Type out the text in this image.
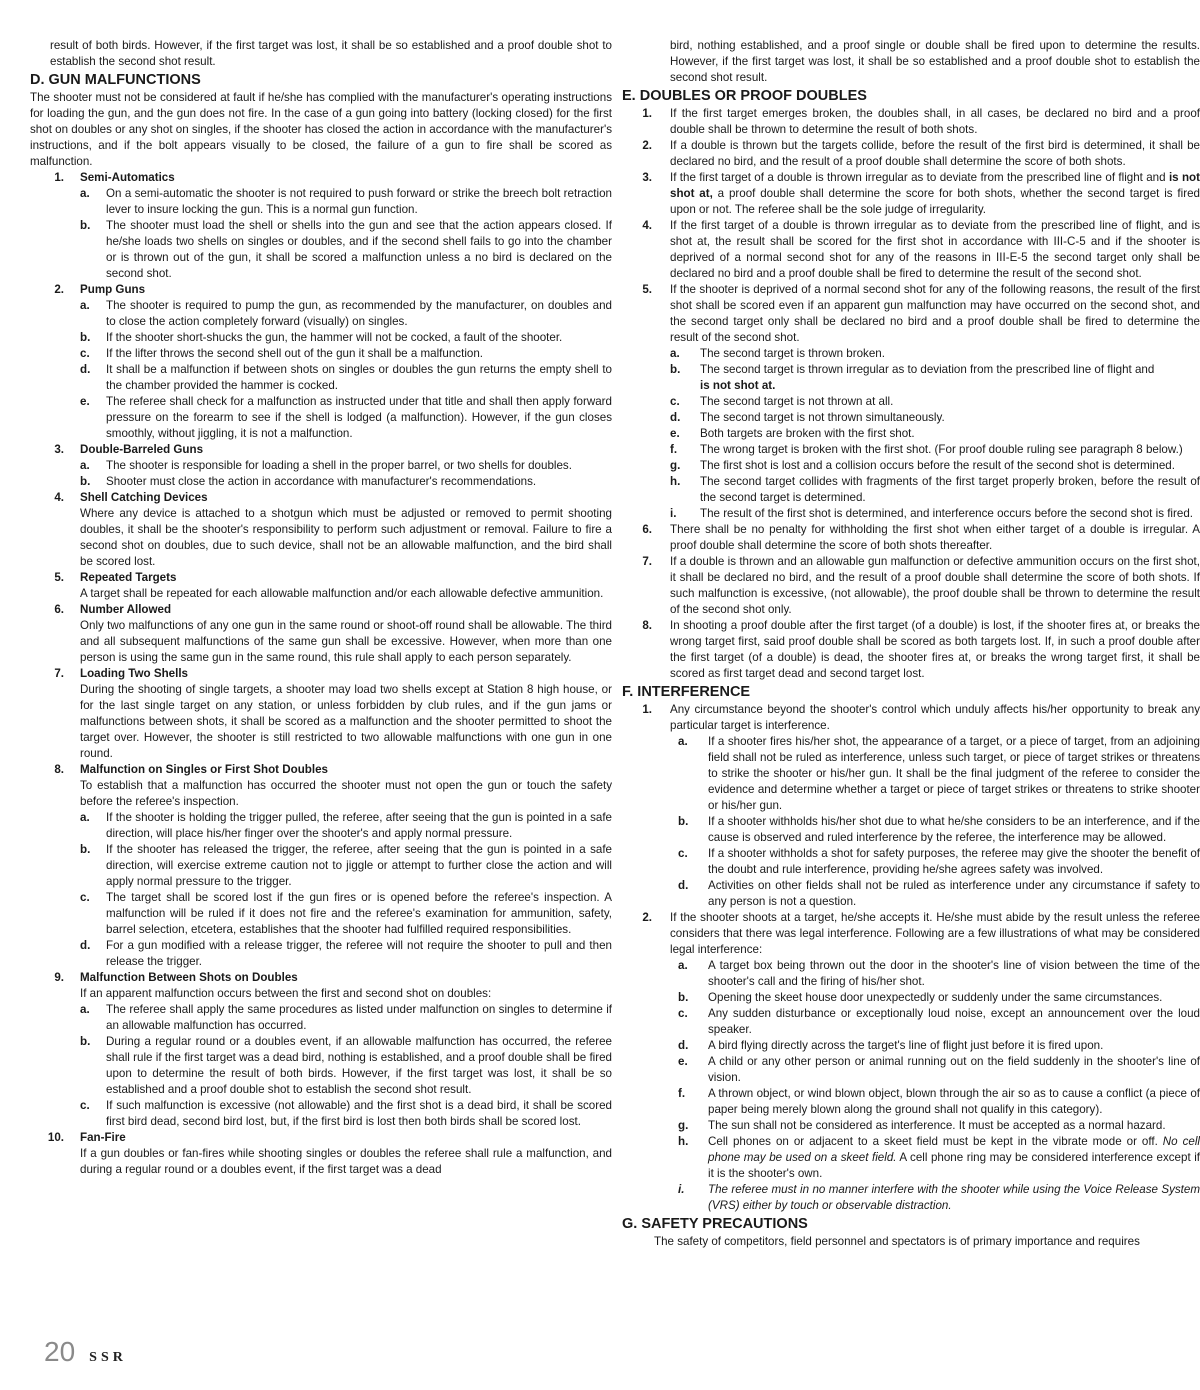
result of both birds. However, if the first target was lost, it shall be so established and a proof double shot to establish the second shot result.

D. GUN MALFUNCTIONS

The shooter must not be considered at fault if he/she has complied with the manufacturer's operating instructions for loading the gun, and the gun does not fire. In the case of a gun going into battery (locking closed) for the first shot on doubles or any shot on singles, if the shooter has closed the action in accordance with the manufacturer's instructions, and if the bolt appears visually to be closed, the failure of a gun to fire shall be scored as malfunction.

1.	Semi-Automatics
a.	On a semi-automatic the shooter is not required to push forward or strike the breech bolt retraction lever to insure locking the gun. This is a normal gun function.
b.	The shooter must load the shell or shells into the gun and see that the action appears closed. If he/she loads two shells on singles or doubles, and if the second shell fails to go into the chamber or is thrown out of the gun, it shall be scored a malfunction unless a no bird is declared on the second shot.
2.	Pump Guns
a.	The shooter is required to pump the gun, as recommended by the manufacturer, on doubles and to close the action completely forward (visually) on singles.
b.	If the shooter short-shucks the gun, the hammer will not be cocked, a fault of the shooter.
c.	If the lifter throws the second shell out of the gun it shall be a malfunction.
d.	It shall be a malfunction if between shots on singles or doubles the gun returns the empty shell to the chamber provided the hammer is cocked.
e.	The referee shall check for a malfunction as instructed under that title and shall then apply forward pressure on the forearm to see if the shell is lodged (a malfunction). However, if the gun closes smoothly, without jiggling, it is not a malfunction.
3.	Double-Barreled Guns
a.	The shooter is responsible for loading a shell in the proper barrel, or two shells for doubles.
b.	Shooter must close the action in accordance with manufacturer's recommendations.
4.	Shell Catching Devices
Where any device is attached to a shotgun which must be adjusted or removed to permit shooting doubles, it shall be the shooter's responsibility to perform such adjustment or removal. Failure to fire a second shot on doubles, due to such device, shall not be an allowable malfunction, and the bird shall be scored lost.
5.	Repeated Targets
A target shall be repeated for each allowable malfunction and/or each allowable defective ammunition.
6.	Number Allowed
Only two malfunctions of any one gun in the same round or shoot-off round shall be allowable. The third and all subsequent malfunctions of the same gun shall be excessive. However, when more than one person is using the same gun in the same round, this rule shall apply to each person separately.
7.	Loading Two Shells
During the shooting of single targets, a shooter may load two shells except at Station 8 high house, or for the last single target on any station, or unless forbidden by club rules, and if the gun jams or malfunctions between shots, it shall be scored as a malfunction and the shooter permitted to shoot the target over. However, the shooter is still restricted to two allowable malfunctions with one gun in one round.
8.	Malfunction on Singles or First Shot Doubles
To establish that a malfunction has occurred the shooter must not open the gun or touch the safety before the referee's inspection.
a.	If the shooter is holding the trigger pulled, the referee, after seeing that the gun is pointed in a safe direction, will place his/her finger over the shooter's and apply normal pressure.
b.	If the shooter has released the trigger, the referee, after seeing that the gun is pointed in a safe direction, will exercise extreme caution not to jiggle or attempt to further close the action and will apply normal pressure to the trigger.
c.	The target shall be scored lost if the gun fires or is opened before the referee's inspection. A malfunction will be ruled if it does not fire and the referee's examination for ammunition, safety, barrel selection, etcetera, establishes that the shooter had fulfilled required responsibilities.
d.	For a gun modified with a release trigger, the referee will not require the shooter to pull and then release the trigger.
9.	Malfunction Between Shots on Doubles
If an apparent malfunction occurs between the first and second shot on doubles:
a.	The referee shall apply the same procedures as listed under malfunction on singles to determine if an allowable malfunction has occurred.
b.	During a regular round or a doubles event, if an allowable malfunction has occurred, the referee shall rule if the first target was a dead bird, nothing is established, and a proof double shall be fired upon to determine the result of both birds. However, if the first target was lost, it shall be so established and a proof double shot to establish the second shot result.
c.	If such malfunction is excessive (not allowable) and the first shot is a dead bird, it shall be scored first bird dead, second bird lost, but, if the first bird is lost then both birds shall be scored lost.
10.	Fan-Fire
If a gun doubles or fan-fires while shooting singles or doubles the referee shall rule a malfunction, and during a regular round or a doubles event, if the first target was a dead

bird, nothing established, and a proof single or double shall be fired upon to determine the results. However, if the first target was lost, it shall be so established and a proof double shot to establish the second shot result.

E. DOUBLES OR PROOF DOUBLES
1.	If the first target emerges broken, the doubles shall, in all cases, be declared no bird and a proof double shall be thrown to determine the result of both shots.
2.	If a double is thrown but the targets collide, before the result of the first bird is determined, it shall be declared no bird, and the result of a proof double shall determine the score of both shots.
3.	If the first target of a double is thrown irregular as to deviate from the prescribed line of flight and is not shot at, a proof double shall determine the score for both shots, whether the second target is fired upon or not. The referee shall be the sole judge of irregularity.
4.	If the first target of a double is thrown irregular as to deviate from the prescribed line of flight, and is shot at, the result shall be scored for the first shot in accordance with III-C-5 and if the shooter is deprived of a normal second shot for any of the reasons in III-E-5 the second target only shall be declared no bird and a proof double shall be fired to determine the result of the second shot.
5.	If the shooter is deprived of a normal second shot for any of the following reasons, the result of the first shot shall be scored even if an apparent gun malfunction may have occurred on the second shot, and the second target only shall be declared no bird and a proof double shall be fired to determine the result of the second shot.
a.	The second target is thrown broken.
b.	The second target is thrown irregular as to deviation from the prescribed line of flight and
is not shot at.
c.	The second target is not thrown at all.
d.	The second target is not thrown simultaneously.
e.	Both targets are broken with the first shot.
f.	The wrong target is broken with the first shot. (For proof double ruling see paragraph 8 below.)
g.	The first shot is lost and a collision occurs before the result of the second shot is determined.
h.	The second target collides with fragments of the first target properly broken, before the result of the second target is determined.
i.	The result of the first shot is determined, and interference occurs before the second shot is fired.
6.	There shall be no penalty for withholding the first shot when either target of a double is irregular. A proof double shall determine the score of both shots thereafter.
7.	If a double is thrown and an allowable gun malfunction or defective ammunition occurs on the first shot, it shall be declared no bird, and the result of a proof double shall determine the score of both shots. If such malfunction is excessive, (not allowable), the proof double shall be thrown to determine the result of the second shot only.
8.	In shooting a proof double after the first target (of a double) is lost, if the shooter fires at, or breaks the wrong target first, said proof double shall be scored as both targets lost. If, in such a proof double after the first target (of a double) is dead, the shooter fires at, or breaks the wrong target first, it shall be scored as first target dead and second target lost.
F. INTERFERENCE
1.	Any circumstance beyond the shooter's control which unduly affects his/her opportunity to break any particular target is interference.
a.	If a shooter fires his/her shot, the appearance of a target, or a piece of target, from an adjoining field shall not be ruled as interference, unless such target, or piece of target strikes or threatens to strike the shooter or his/her gun. It shall be the final judgment of the referee to consider the evidence and determine whether a target or piece of target strikes or threatens to strike shooter or his/her gun.
b.	If a shooter withholds his/her shot due to what he/she considers to be an interference, and if the cause is observed and ruled interference by the referee, the interference may be allowed.
c.	If a shooter withholds a shot for safety purposes, the referee may give the shooter the benefit of the doubt and rule interference, providing he/she agrees safety was involved.
d.	Activities on other fields shall not be ruled as interference under any circumstance if safety to any person is not a question.
2.	If the shooter shoots at a target, he/she accepts it. He/she must abide by the result unless the referee considers that there was legal interference. Following are a few illustrations of what may be considered legal interference:
a.	A target box being thrown out the door in the shooter's line of vision between the time of the shooter's call and the firing of his/her shot.
b.	Opening the skeet house door unexpectedly or suddenly under the same circumstances.
c.	Any sudden disturbance or exceptionally loud noise, except an announcement over the loud speaker.
d.	A bird flying directly across the target's line of flight just before it is fired upon.
e.	A child or any other person or animal running out on the field suddenly in the shooter's line of vision.
f.	A thrown object, or wind blown object, blown through the air so as to cause a conflict (a piece of paper being merely blown along the ground shall not qualify in this category).
g.	The sun shall not be considered as interference. It must be accepted as a normal hazard.
h.	Cell phones on or adjacent to a skeet field must be kept in the vibrate mode or off. No cell phone may be used on a skeet field. A cell phone ring may be considered interference except if it is the shooter's own.
i.	The referee must in no manner interfere with the shooter while using the Voice Release System (VRS) either by touch or observable distraction.
G. SAFETY PRECAUTIONS

The safety of competitors, field personnel and spectators is of primary importance and requires

20 SSR
